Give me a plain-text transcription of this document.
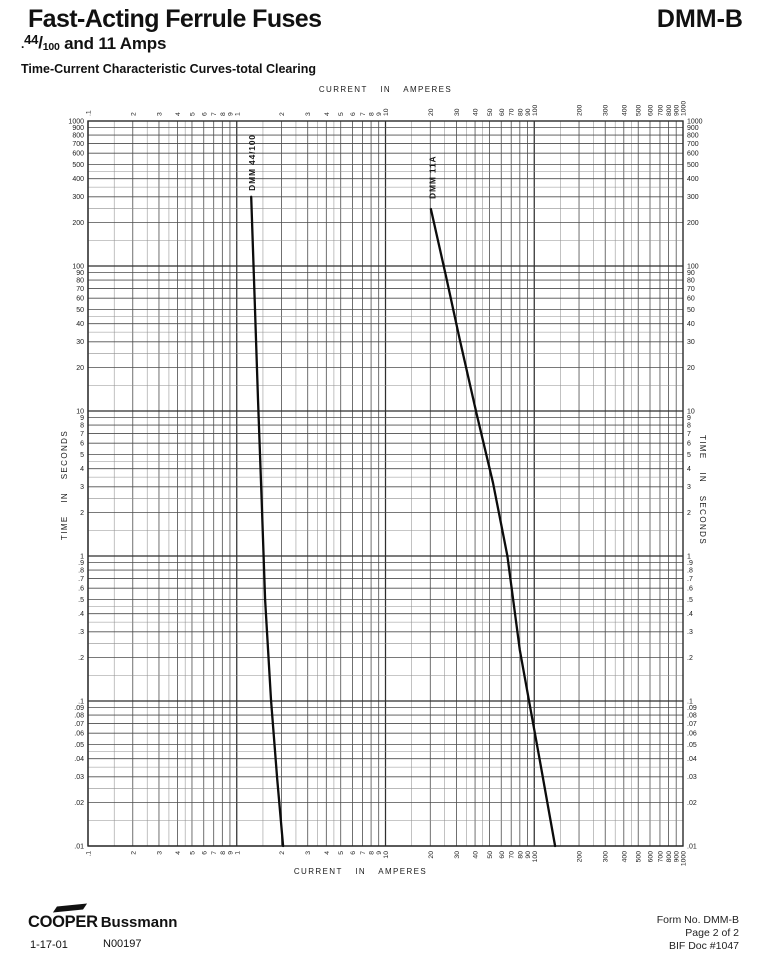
Fast-Acting Ferrule Fuses	DMM-B
.$^{44}$/100 and 11 Amps
Time-Current Characteristic Curves-total Clearing
.1
.1
2
2
3
3
4
4
5
5
6
6
7
7
8
8
9
9
1
1
2
2
3
3
4
4
5
5
6
6
7
7
8
8
9
9
10
10
20
20
30
30
40
40
50
50
60
60
70
70
80
80
90
90
100
100
200
200
300
300
400
400
500
500
600
600
700
700
800
800
900
900
1000
1000
1000	1000
900	900
800	800
700	700
600	600
500	500
400	400
300	300
200	200
100	100
90	90
80	80
70	70
60	60
50	50
40	40
30	30
20	20
10	10
9	9
8	8
7	7
6	6
5	5
4	4
3	3
2	2
1	1
.9	.9
.8	.8
.7	.7
.6	.6
.5	.5
.4	.4
.3	.3
.2	.2
.1	.1
.09	.09
.08	.08
.07	.07
.06	.06
.05	.05
.04	.04
.03	.03
.02	.02
.01	.01
CURRENT IN AMPERES
CURRENT IN AMPERES
TIME IN SECONDS	TIME IN SECONDS
DMM 44/100	DMM 11A
COOPER Bussmann
1-17-01	N00197
Form No. DMM-B
Page 2 of 2
BIF Doc #1047
